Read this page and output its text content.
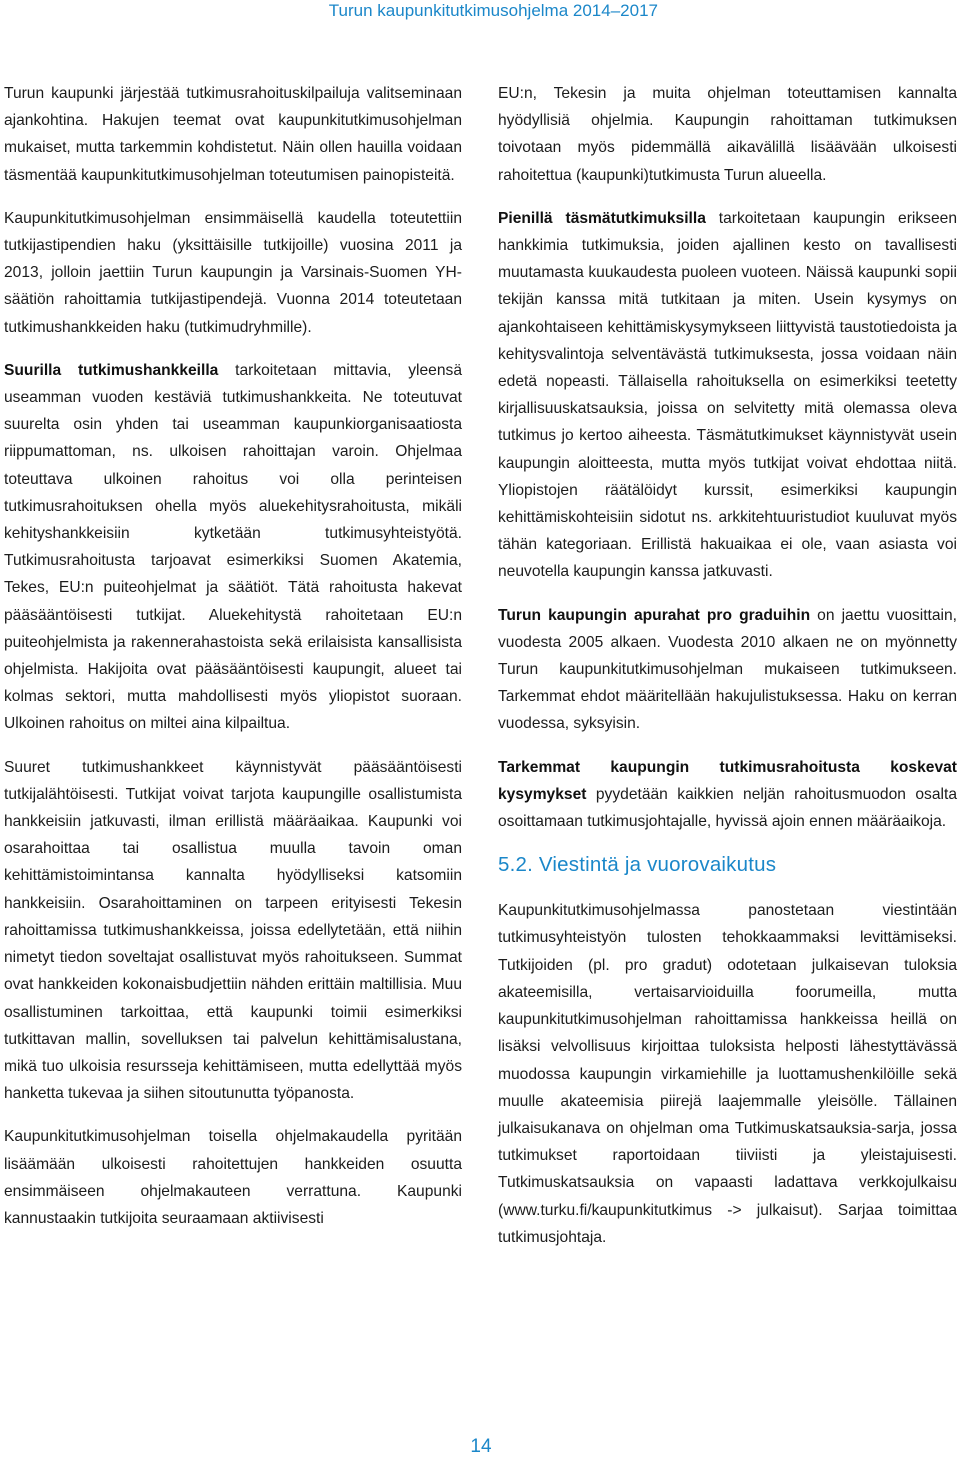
Turun kaupunkitutkimusohjelma 2014–2017

Turun kaupunki järjestää tutkimusrahoituskilpailuja valitseminaan ajankohtina. Hakujen teemat ovat kaupunkitutkimusohjelman mukaiset, mutta tarkemmin kohdistetut. Näin ollen hauilla voidaan täsmentää kaupunkitutkimusohjelman toteutumisen painopisteitä.

Kaupunkitutkimusohjelman ensimmäisellä kaudella toteutettiin tutkijastipendien haku (yksittäisille tutkijoille) vuosina 2011 ja 2013, jolloin jaettiin Turun kaupungin ja Varsinais-Suomen YH-säätiön rahoittamia tutkijastipendejä. Vuonna 2014 toteutetaan tutkimushankkeiden haku (tutkimudryhmille).

Suurilla tutkimushankkeilla tarkoitetaan mittavia, yleensä useamman vuoden kestäviä tutkimushankkeita. Ne toteutuvat suurelta osin yhden tai useamman kaupunkiorganisaatiosta riippumattoman, ns. ulkoisen rahoittajan varoin. Ohjelmaa toteuttava ulkoinen rahoitus voi olla perinteisen tutkimusrahoituksen ohella myös aluekehitysrahoitusta, mikäli kehityshankkeisiin kytketään tutkimusyhteistyötä. Tutkimusrahoitusta tarjoavat esimerkiksi Suomen Akatemia, Tekes, EU:n puiteohjelmat ja säätiöt. Tätä rahoitusta hakevat pääsääntöisesti tutkijat. Aluekehitystä rahoitetaan EU:n puiteohjelmista ja rakennerahastoista sekä erilaisista kansallisista ohjelmista. Hakijoita ovat pääsääntöisesti kaupungit, alueet tai kolmas sektori, mutta mahdollisesti myös yliopistot suoraan. Ulkoinen rahoitus on miltei aina kilpailtua.

Suuret tutkimushankkeet käynnistyvät pääsääntöisesti tutkijalähtöisesti. Tutkijat voivat tarjota kaupungille osallistumista hankkeisiin jatkuvasti, ilman erillistä määräaikaa. Kaupunki voi osarahoittaa tai osallistua muulla tavoin oman kehittämistoimintansa kannalta hyödylliseksi katsomiin hankkeisiin. Osarahoittaminen on tarpeen erityisesti Tekesin rahoittamissa tutkimushankkeissa, joissa edellytetään, että niihin nimetyt tiedon soveltajat osallistuvat myös rahoitukseen. Summat ovat hankkeiden kokonaisbudjettiin nähden erittäin maltillisia. Muu osallistuminen tarkoittaa, että kaupunki toimii esimerkiksi tutkittavan mallin, sovelluksen tai palvelun kehittämisalustana, mikä tuo ulkoisia resursseja kehittämiseen, mutta edellyttää myös hanketta tukevaa ja siihen sitoutunutta työpanosta.

Kaupunkitutkimusohjelman toisella ohjelmakaudella pyritään lisäämään ulkoisesti rahoitettujen hankkeiden osuutta ensimmäiseen ohjelmakauteen verrattuna. Kaupunki kannustaakin tutkijoita seuraamaan aktiivisesti

EU:n, Tekesin ja muita ohjelman toteuttamisen kannalta hyödyllisiä ohjelmia. Kaupungin rahoittaman tutkimuksen toivotaan myös pidemmällä aikavälillä lisäävään ulkoisesti rahoitettua (kaupunki)tutkimusta Turun alueella.

Pienillä täsmätutkimuksilla tarkoitetaan kaupungin erikseen hankkimia tutkimuksia, joiden ajallinen kesto on tavallisesti muutamasta kuukaudesta puoleen vuoteen. Näissä kaupunki sopii tekijän kanssa mitä tutkitaan ja miten. Usein kysymys on ajankohtaiseen kehittämiskysymykseen liittyvistä taustotiedoista ja kehitysvalintoja selventävästä tutkimuksesta, jossa voidaan näin edetä nopeasti. Tällaisella rahoituksella on esimerkiksi teetetty kirjallisuuskatsauksia, joissa on selvitetty mitä olemassa oleva tutkimus jo kertoo aiheesta. Täsmätutkimukset käynnistyvät usein kaupungin aloitteesta, mutta myös tutkijat voivat ehdottaa niitä. Yliopistojen räätälöidyt kurssit, esimerkiksi kaupungin kehittämiskohteisiin sidotut ns. arkkitehtuuristudiot kuuluvat myös tähän kategoriaan. Erillistä hakuaikaa ei ole, vaan asiasta voi neuvotella kaupungin kanssa jatkuvasti.

Turun kaupungin apurahat pro graduihin on jaettu vuosittain, vuodesta 2005 alkaen. Vuodesta 2010 alkaen ne on myönnetty Turun kaupunkitutkimusohjelman mukaiseen tutkimukseen. Tarkemmat ehdot määritellään hakujulistuksessa. Haku on kerran vuodessa, syksyisin.

Tarkemmat kaupungin tutkimusrahoitusta koskevat kysymykset pyydetään kaikkien neljän rahoitusmuodon osalta osoittamaan tutkimusjohtajalle, hyvissä ajoin ennen määräaikoja.

5.2. Viestintä ja vuorovaikutus

Kaupunkitutkimusohjelmassa panostetaan viestintään tutkimusyhteistyön tulosten tehokkaammaksi levittämiseksi. Tutkijoiden (pl. pro gradut) odotetaan julkaisevan tuloksia akateemisilla, vertaisarvioiduilla foorumeilla, mutta kaupunkitutkimusohjelman rahoittamissa hankkeissa heillä on lisäksi velvollisuus kirjoittaa tuloksista helposti lähestyttävässä muodossa kaupungin virkamiehille ja luottamushenkilöille sekä muulle akateemisia piirejä laajemmalle yleisölle. Tällainen julkaisukanava on ohjelman oma Tutkimuskatsauksia-sarja, jossa tutkimukset raportoidaan tiiviisti ja yleistajuisesti. Tutkimuskatsauksia on vapaasti ladattava verkkojulkaisu (www.turku.fi/kaupunkitutkimus -> julkaisut). Sarjaa toimittaa tutkimusjohtaja.

14
